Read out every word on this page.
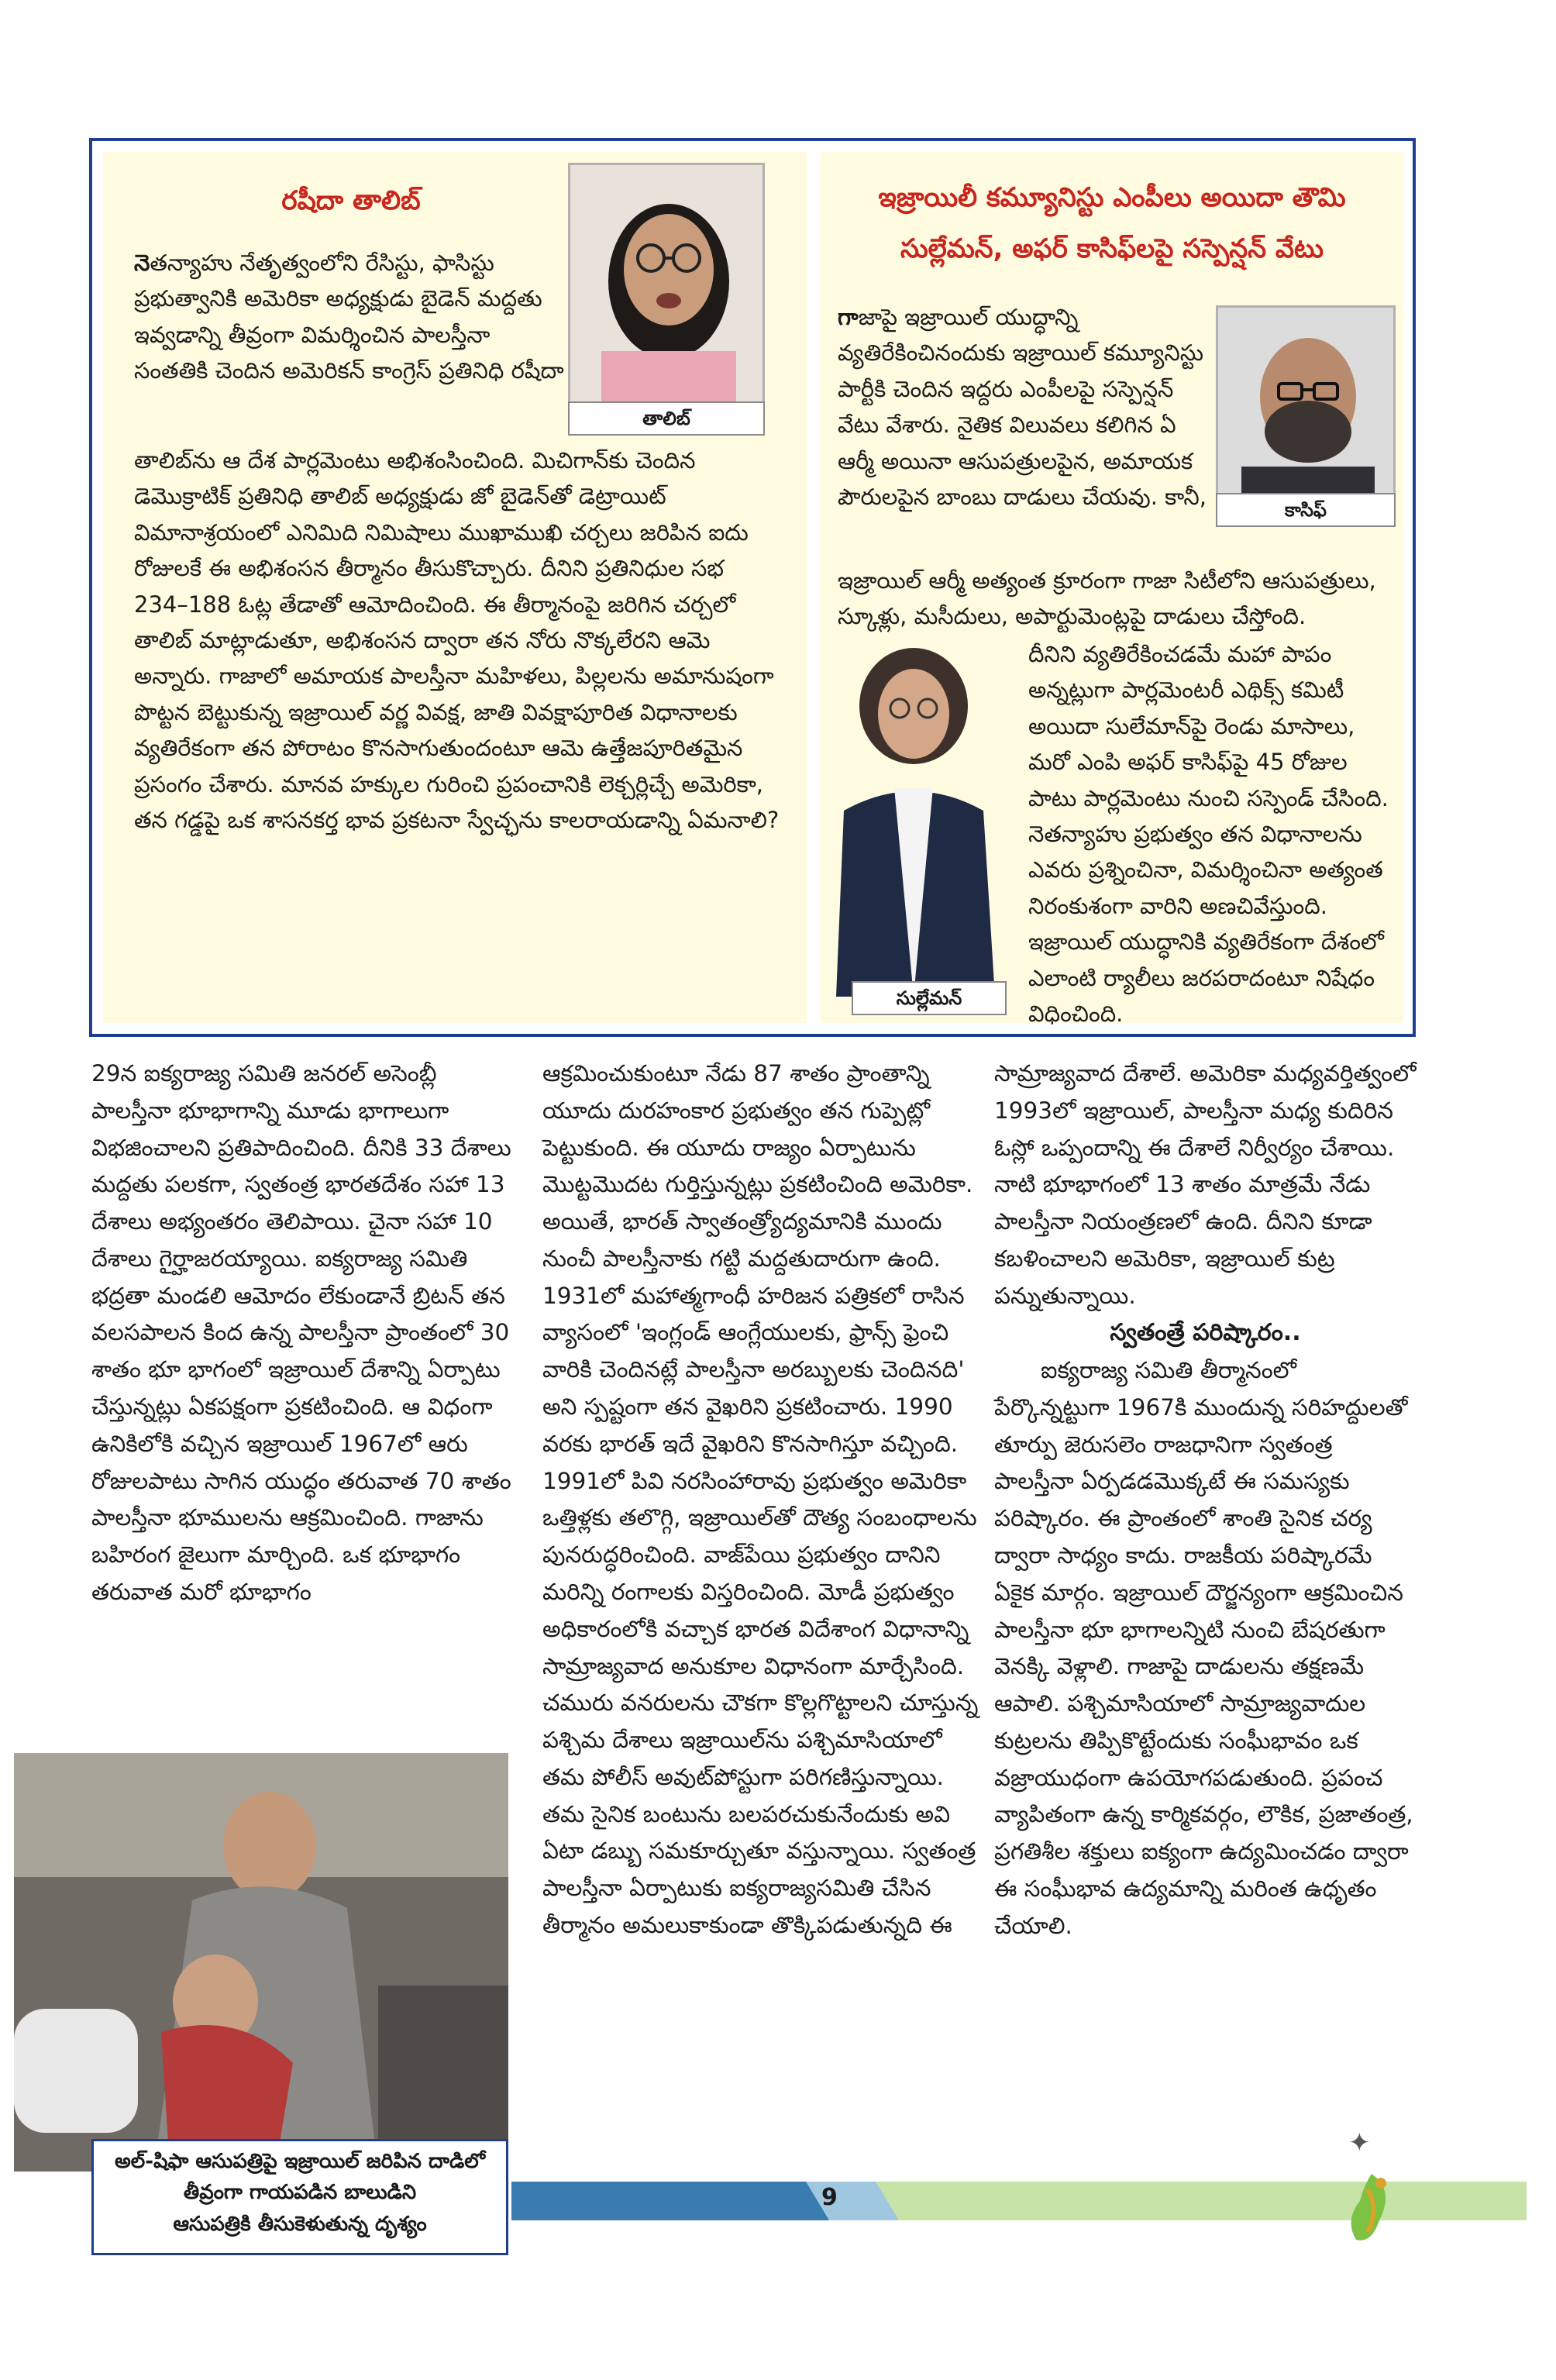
రషీదా తాలిబ్
తాలిబ్

నెతన్యాహు నేతృత్వంలోని రేసిస్టు, ఫాసిస్టు ప్రభుత్వానికి అమెరికా అధ్యక్షుడు బైడెన్ మద్దతు ఇవ్వడాన్ని తీవ్రంగా విమర్శించిన పాలస్తీనా సంతతికి చెందిన అమెరికన్ కాంగ్రెస్ ప్రతినిధి రషీదా

తాలిబ్‌ను ఆ దేశ పార్లమెంటు అభిశంసించింది. మిచిగాన్‌కు చెందిన డెమొక్రాటిక్ ప్రతినిధి తాలిబ్ అధ్యక్షుడు జో బైడెన్‌తో డెట్రాయిట్ విమానాశ్రయంలో ఎనిమిది నిమిషాలు ముఖాముఖి చర్చలు జరిపిన ఐదు రోజులకే ఈ అభిశంసన తీర్మానం తీసుకొచ్చారు. దీనిని ప్రతినిధుల సభ 234–188 ఓట్ల తేడాతో ఆమోదించింది. ఈ తీర్మానంపై జరిగిన చర్చలో తాలిబ్ మాట్లాడుతూ, అభిశంసన ద్వారా తన నోరు నొక్కలేరని ఆమె అన్నారు. గాజాలో అమాయక పాలస్తీనా మహిళలు, పిల్లలను అమానుషంగా పొట్టన బెట్టుకున్న ఇజ్రాయిల్ వర్ణ వివక్ష, జాతి వివక్షాపూరిత విధానాలకు వ్యతిరేకంగా తన పోరాటం కొనసాగుతుందంటూ ఆమె ఉత్తేజపూరితమైన ప్రసంగం చేశారు. మానవ హక్కుల గురించి ప్రపంచానికి లెక్చర్లిచ్చే అమెరికా, తన గడ్డపై ఒక శాసనకర్త భావ ప్రకటనా స్వేచ్ఛను కాలరాయడాన్ని ఏమనాలి?

ఇజ్రాయిలీ కమ్యూనిస్టు ఎంపీలు అయిదా తౌమి
సుల్లేమన్, అఫర్ కాసిఫ్‌లపై సస్పెన్షన్ వేటు
కాసిఫ్

గాజాపై ఇజ్రాయిల్ యుద్ధాన్ని వ్యతిరేకించినందుకు ఇజ్రాయిల్ కమ్యూనిస్టు పార్టీకి చెందిన ఇద్దరు ఎంపీలపై సస్పెన్షన్ వేటు వేశారు. నైతిక విలువలు కలిగిన ఏ ఆర్మీ అయినా ఆసుపత్రులపైన, అమాయక పౌరులపైన బాంబు దాడులు చేయవు. కానీ,

ఇజ్రాయిల్ ఆర్మీ అత్యంత క్రూరంగా గాజా సిటీలోని ఆసుపత్రులు, స్కూళ్లు, మసీదులు, అపార్టుమెంట్లపై దాడులు చేస్తోంది.

సుల్లేమన్

దీనిని వ్యతిరేకించడమే మహా పాపం అన్నట్లుగా పార్లమెంటరీ ఎథిక్స్ కమిటీ అయిదా సులేమాన్‌పై రెండు మాసాలు, మరో ఎంపి అఫర్ కాసిఫ్‌పై 45 రోజుల పాటు పార్లమెంటు నుంచి సస్పెండ్ చేసింది. నెతన్యాహు ప్రభుత్వం తన విధానాలను ఎవరు ప్రశ్నించినా, విమర్శించినా అత్యంత నిరంకుశంగా వారిని అణచివేస్తుంది. ఇజ్రాయిల్ యుద్ధానికి వ్యతిరేకంగా దేశంలో ఎలాంటి ర్యాలీలు జరపరాదంటూ నిషేధం విధించింది.

29న ఐక్యరాజ్య సమితి జనరల్ అసెంబ్లీ పాలస్తీనా భూభాగాన్ని మూడు భాగాలుగా విభజించాలని ప్రతిపాదించింది. దీనికి 33 దేశాలు మద్దతు పలకగా, స్వతంత్ర భారతదేశం సహా 13 దేశాలు అభ్యంతరం తెలిపాయి. చైనా సహా 10 దేశాలు గైర్హాజరయ్యాయి. ఐక్యరాజ్య సమితి భద్రతా మండలి ఆమోదం లేకుండానే బ్రిటన్ తన వలసపాలన కింద ఉన్న పాలస్తీనా ప్రాంతంలో 30 శాతం భూ భాగంలో ఇజ్రాయిల్ దేశాన్ని ఏర్పాటు చేస్తున్నట్లు ఏకపక్షంగా ప్రకటించింది. ఆ విధంగా ఉనికిలోకి వచ్చిన ఇజ్రాయిల్ 1967లో ఆరు రోజులపాటు సాగిన యుద్ధం తరువాత 70 శాతం పాలస్తీనా భూములను ఆక్రమించింది. గాజాను బహిరంగ జైలుగా మార్చింది. ఒక భూభాగం తరువాత మరో భూభాగం

అల్-షిఫా ఆసుపత్రిపై ఇజ్రాయిల్ జరిపిన దాడిలో
తీవ్రంగా గాయపడిన బాలుడిని
ఆసుపత్రికి తీసుకెళుతున్న దృశ్యం

ఆక్రమించుకుంటూ నేడు 87 శాతం ప్రాంతాన్ని యూదు దురహంకార ప్రభుత్వం తన గుప్పెట్లో పెట్టుకుంది. ఈ యూదు రాజ్యం ఏర్పాటును మొట్టమొదట గుర్తిస్తున్నట్లు ప్రకటించింది అమెరికా. అయితే, భారత్ స్వాతంత్ర్యోద్యమానికి ముందు నుంచీ పాలస్తీనాకు గట్టి మద్దతుదారుగా ఉంది. 1931లో మహాత్మగాంధీ హరిజన పత్రికలో రాసిన వ్యాసంలో 'ఇంగ్లండ్ ఆంగ్లేయులకు, ఫ్రాన్స్ ఫ్రెంచి వారికి చెందినట్లే పాలస్తీనా అరబ్బులకు చెందినది' అని స్పష్టంగా తన వైఖరిని ప్రకటించారు. 1990 వరకు భారత్ ఇదే వైఖరిని కొనసాగిస్తూ వచ్చింది. 1991లో పివి నరసింహారావు ప్రభుత్వం అమెరికా ఒత్తిళ్లకు తలొగ్గి, ఇజ్రాయిల్‌తో దౌత్య సంబంధాలను పునరుద్ధరించింది. వాజ్‌పేయి ప్రభుత్వం దానిని మరిన్ని రంగాలకు విస్తరించింది. మోడీ ప్రభుత్వం అధికారంలోకి వచ్చాక భారత విదేశాంగ విధానాన్ని సామ్రాజ్యవాద అనుకూల విధానంగా మార్చేసింది. చమురు వనరులను చౌకగా కొల్లగొట్టాలని చూస్తున్న పశ్చిమ దేశాలు ఇజ్రాయిల్‌ను పశ్చిమాసియాలో తమ పోలీస్ అవుట్‌పోస్టుగా పరిగణిస్తున్నాయి. తమ సైనిక బంటును బలపరచుకునేందుకు అవి ఏటా డబ్బు సమకూర్చుతూ వస్తున్నాయి. స్వతంత్ర పాలస్తీనా ఏర్పాటుకు ఐక్యరాజ్యసమితి చేసిన తీర్మానం అమలుకాకుండా తొక్కిపడుతున్నది ఈ

సామ్రాజ్యవాద దేశాలే. అమెరికా మధ్యవర్తిత్వంలో 1993లో ఇజ్రాయిల్, పాలస్తీనా మధ్య కుదిరిన ఓస్లో ఒప్పందాన్ని ఈ దేశాలే నిర్వీర్యం చేశాయి. నాటి భూభాగంలో 13 శాతం మాత్రమే నేడు పాలస్తీనా నియంత్రణలో ఉంది. దీనిని కూడా కబళించాలని అమెరికా, ఇజ్రాయిల్ కుట్ర పన్నుతున్నాయి.
స్వతంత్రే పరిష్కారం..
ఐక్యరాజ్య సమితి తీర్మానంలో పేర్కొన్నట్టుగా 1967కి ముందున్న సరిహద్దులతో తూర్పు జెరుసలెం రాజధానిగా స్వతంత్ర పాలస్తీనా ఏర్పడడమొక్కటే ఈ సమస్యకు పరిష్కారం. ఈ ప్రాంతంలో శాంతి సైనిక చర్య ద్వారా సాధ్యం కాదు. రాజకీయ పరిష్కారమే ఏకైక మార్గం. ఇజ్రాయిల్ దౌర్జన్యంగా ఆక్రమించిన పాలస్తీనా భూ భాగాలన్నిటి నుంచి బేషరతుగా వెనక్కి వెళ్లాలి. గాజాపై దాడులను తక్షణమే ఆపాలి. పశ్చిమాసియాలో సామ్రాజ్యవాదుల కుట్రలను తిప్పికొట్టేందుకు సంఘీభావం ఒక వజ్రాయుధంగా ఉపయోగపడుతుంది. ప్రపంచ వ్యాపితంగా ఉన్న కార్మికవర్గం, లౌకిక, ప్రజాతంత్ర, ప్రగతిశీల శక్తులు ఐక్యంగా ఉద్యమించడం ద్వారా ఈ సంఘీభావ ఉద్యమాన్ని మరింత ఉధృతం చేయాలి.
✦
9
